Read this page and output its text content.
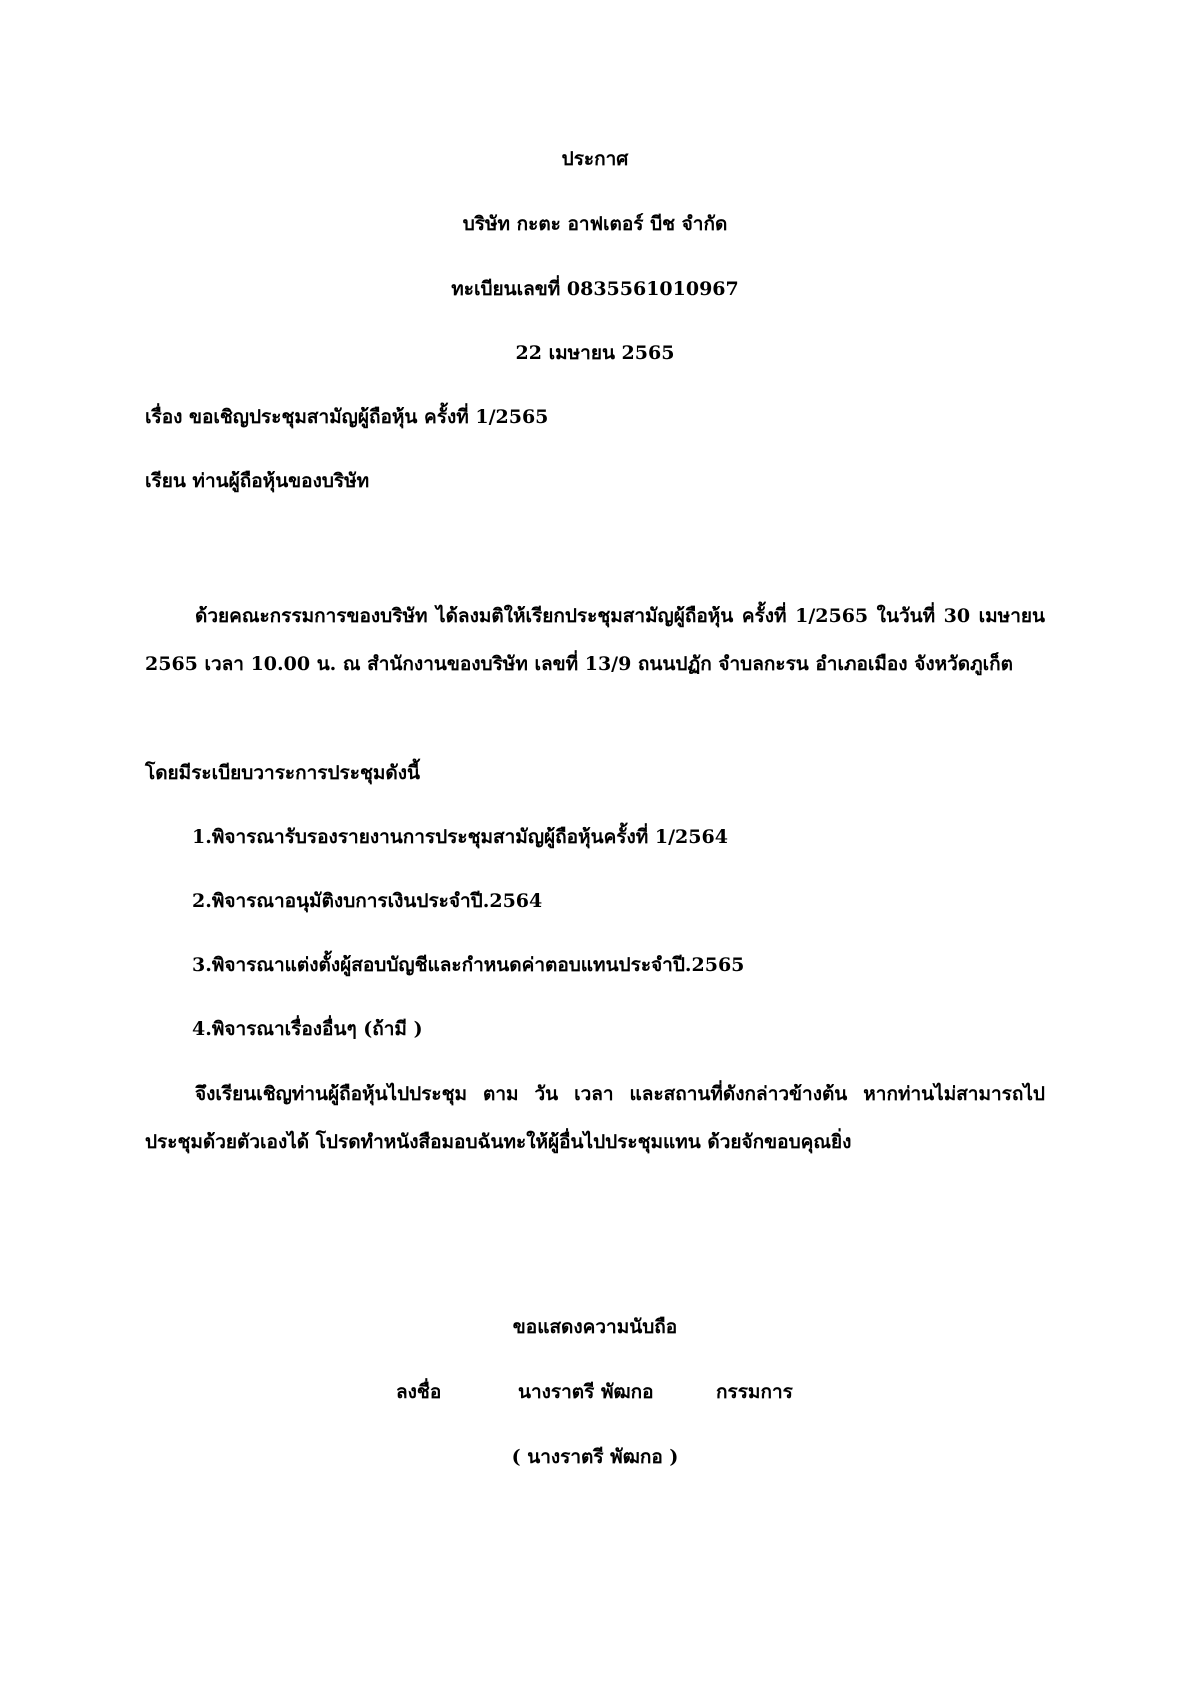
ประกาศ
บริษัท กะตะ อาฟเตอร์ บีช จำกัด
ทะเบียนเลขที่ 0835561010967
22 เมษายน 2565
เรื่อง ขอเชิญประชุมสามัญผู้ถือหุ้น ครั้งที่ 1/2565
เรียน ท่านผู้ถือหุ้นของบริษัท
ด้วยคณะกรรมการของบริษัท ได้ลงมติให้เรียกประชุมสามัญผู้ถือหุ้น ครั้งที่ 1/2565 ในวันที่ 30 เมษายน 2565 เวลา 10.00 น. ณ สำนักงานของบริษัท เลขที่ 13/9 ถนนปฏัก จำบลกะรน อำเภอเมือง จังหวัดภูเก็ต
โดยมีระเบียบวาระการประชุมดังนี้
1.พิจารณารับรองรายงานการประชุมสามัญผู้ถือหุ้นครั้งที่ 1/2564
2.พิจารณาอนุมัติงบการเงินประจำปี.2564
3.พิจารณาแต่งตั้งผู้สอบบัญชีและกำหนดค่าตอบแทนประจำปี.2565
4.พิจารณาเรื่องอื่นๆ (ถ้ามี )
จึงเรียนเชิญท่านผู้ถือหุ้นไปประชุม ตาม วัน เวลา และสถานที่ดังกล่าวข้างต้น หากท่านไม่สามารถไปประชุมด้วยตัวเองได้ โปรดทำหนังสือมอบฉันทะให้ผู้อื่นไปประชุมแทน ด้วยจักขอบคุณยิ่ง
ขอแสดงความนับถือ
ลงชื่อ	นางราตรี พัฒกอ	กรรมการ
( นางราตรี พัฒกอ )
